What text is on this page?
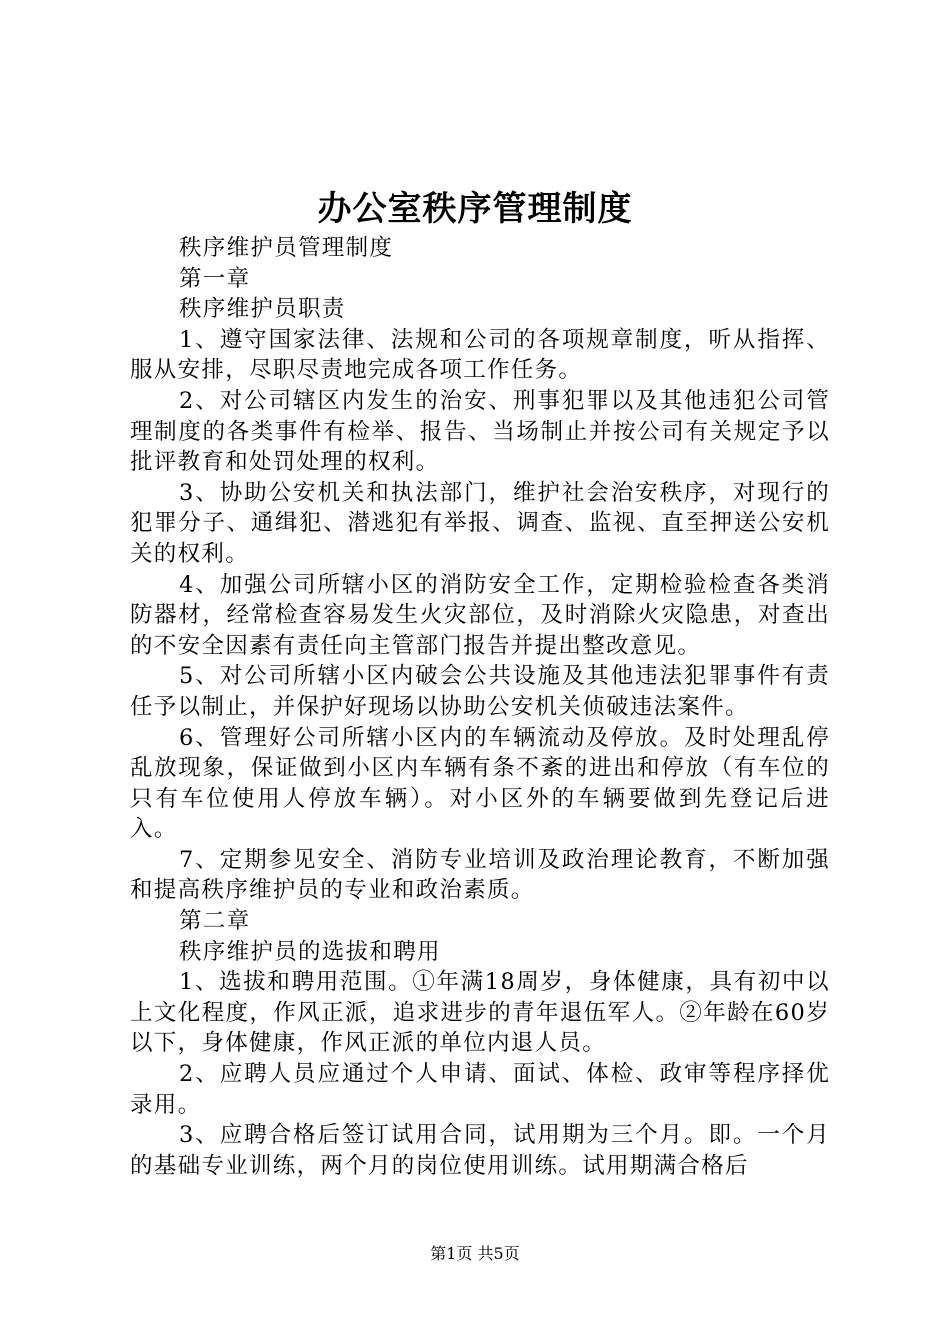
办公室秩序管理制度

秩序维护员管理制度

第一章

秩序维护员职责

1、遵守国家法律、法规和公司的各项规章制度，听从指挥、服从安排，尽职尽责地完成各项工作任务。

2、对公司辖区内发生的治安、刑事犯罪以及其他违犯公司管理制度的各类事件有检举、报告、当场制止并按公司有关规定予以批评教育和处罚处理的权利。

3、协助公安机关和执法部门，维护社会治安秩序，对现行的犯罪分子、通缉犯、潜逃犯有举报、调查、监视、直至押送公安机关的权利。

4、加强公司所辖小区的消防安全工作，定期检验检查各类消防器材，经常检查容易发生火灾部位，及时消除火灾隐患，对查出的不安全因素有责任向主管部门报告并提出整改意见。

5、对公司所辖小区内破会公共设施及其他违法犯罪事件有责任予以制止，并保护好现场以协助公安机关侦破违法案件。

6、管理好公司所辖小区内的车辆流动及停放。及时处理乱停乱放现象，保证做到小区内车辆有条不紊的进出和停放（有车位的只有车位使用人停放车辆）。对小区外的车辆要做到先登记后进入。

7、定期参见安全、消防专业培训及政治理论教育，不断加强和提高秩序维护员的专业和政治素质。

第二章

秩序维护员的选拔和聘用

1、选拔和聘用范围。①年满18周岁，身体健康，具有初中以上文化程度，作风正派，追求进步的青年退伍军人。②年龄在60岁以下，身体健康，作风正派的单位内退人员。

2、应聘人员应通过个人申请、面试、体检、政审等程序择优录用。

3、应聘合格后签订试用合同，试用期为三个月。即。一个月的基础专业训练，两个月的岗位使用训练。试用期满合格后

第1页 共5页
